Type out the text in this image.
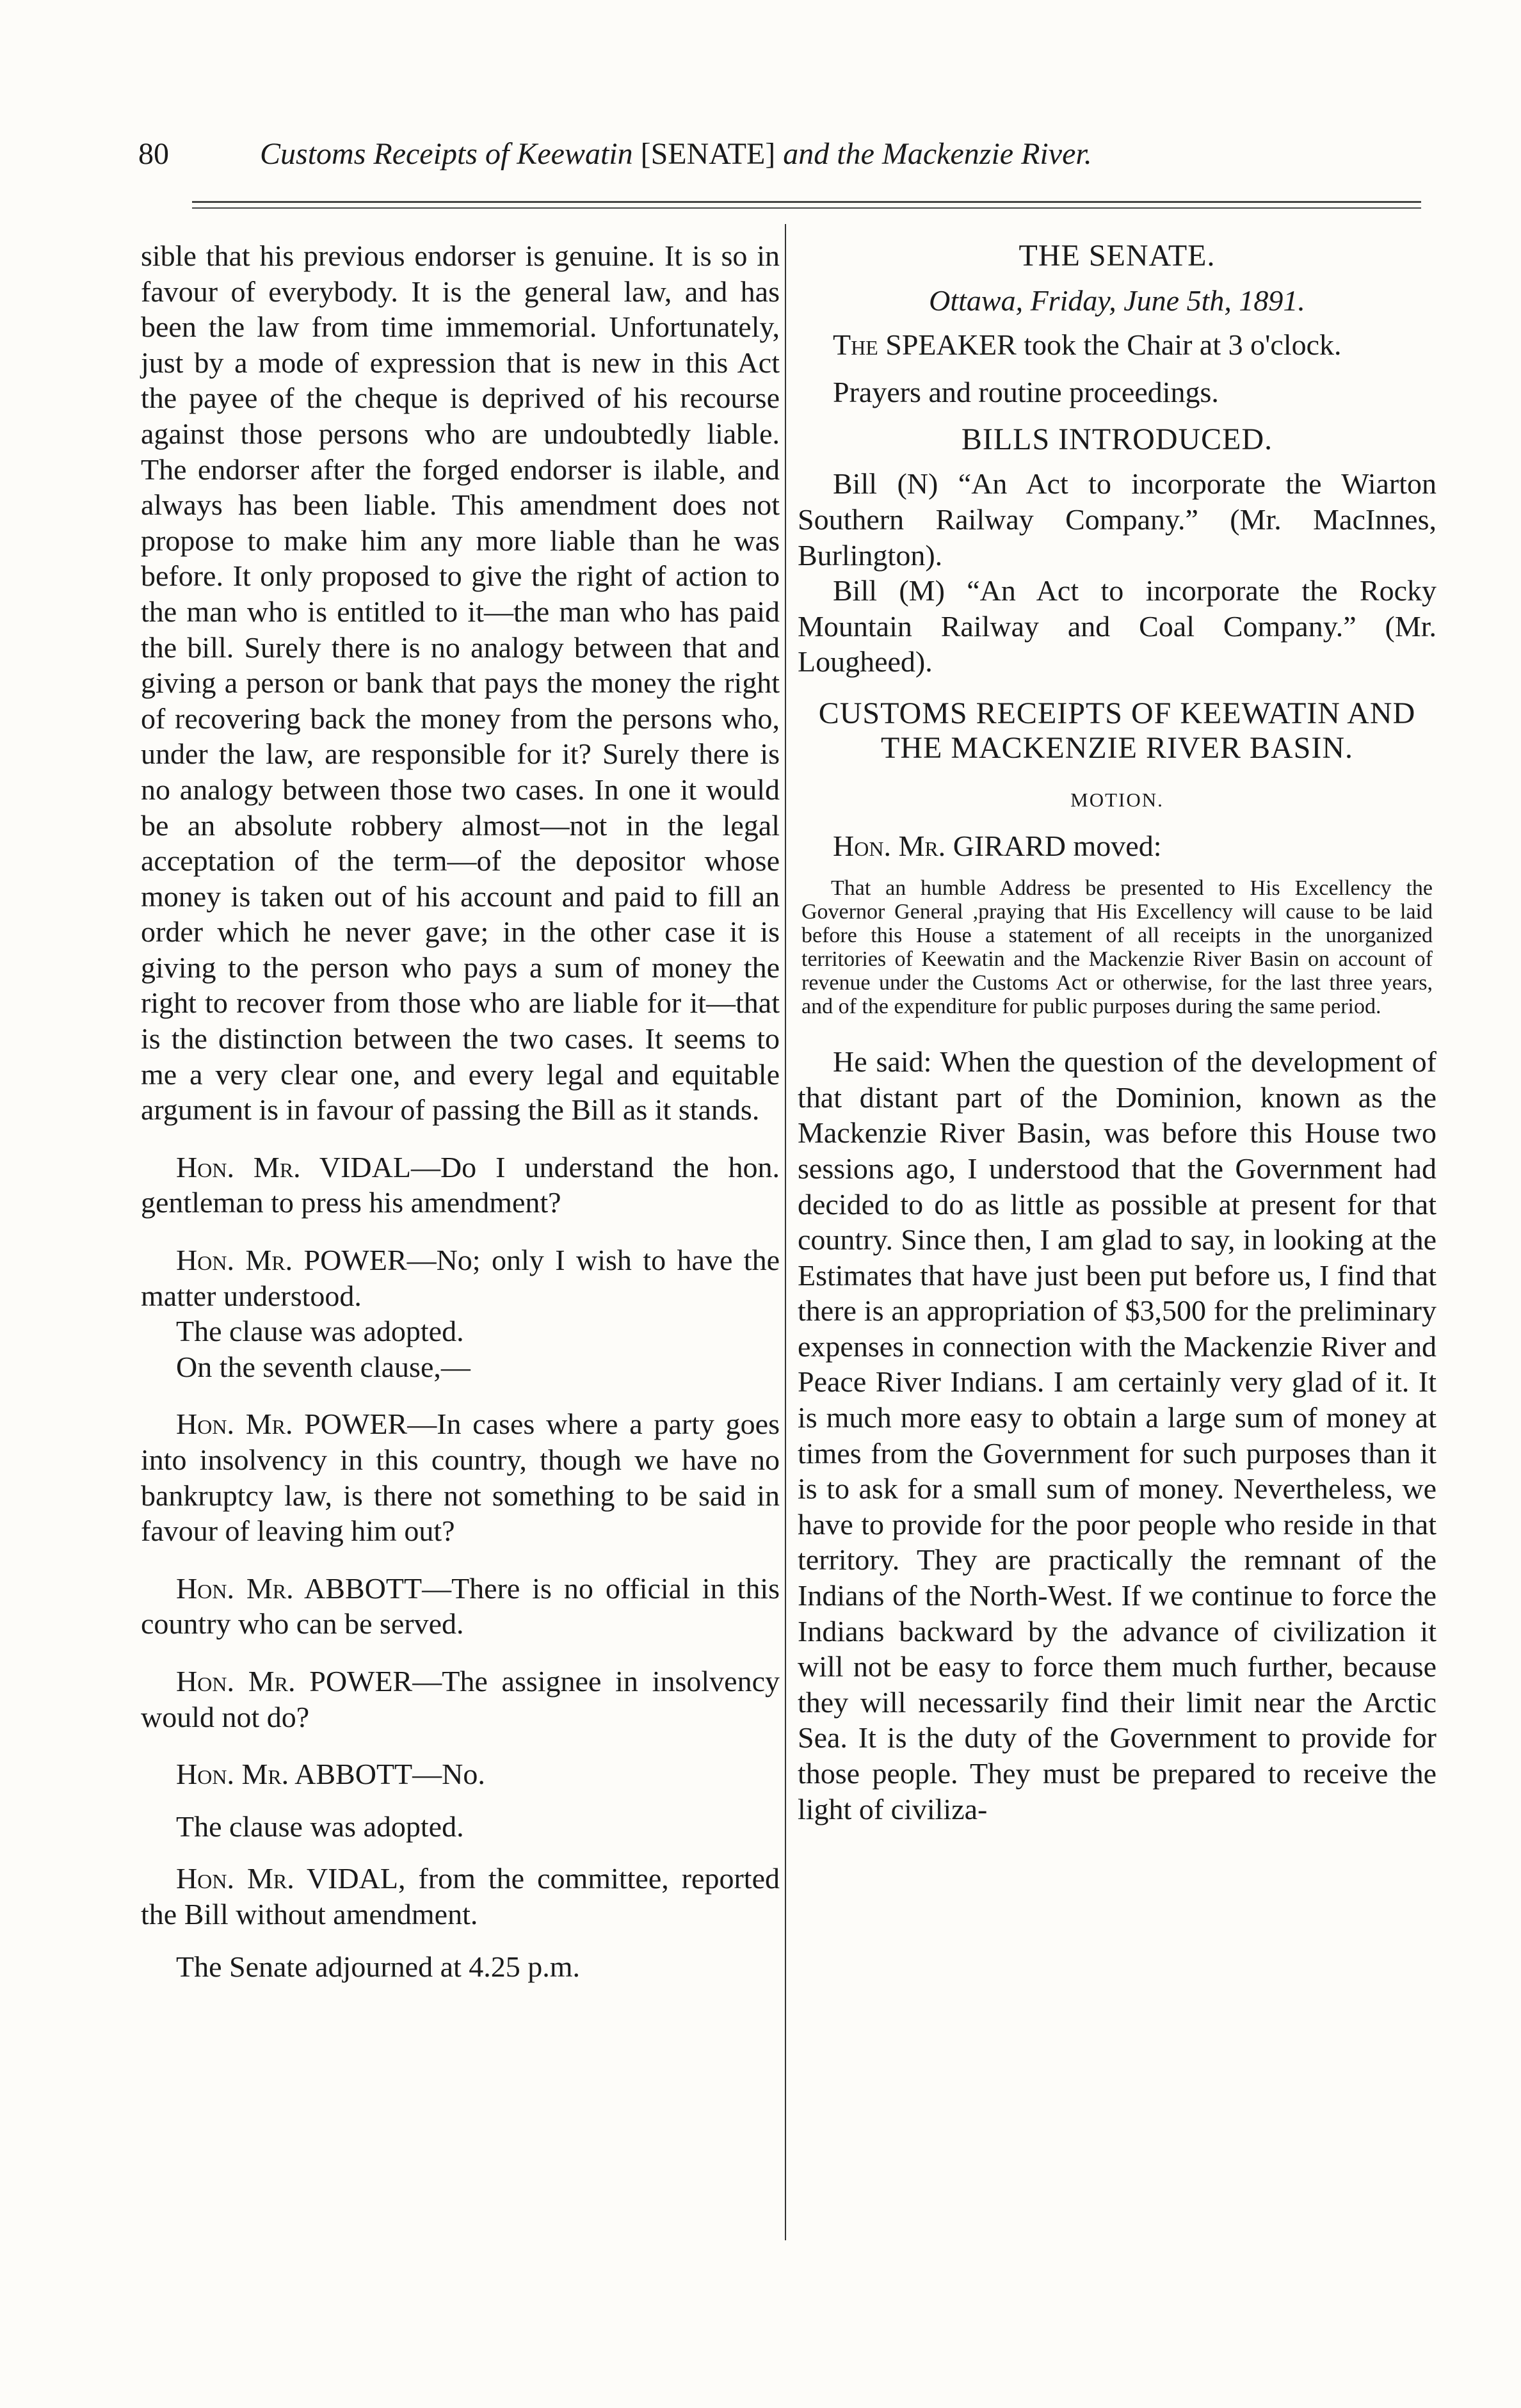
80	Customs Receipts of Keewatin [SENATE] and the Mackenzie River.

sible that his previous endorser is genuine. It is so in favour of everybody. It is the general law, and has been the law from time immemorial. Unfortunately, just by a mode of expression that is new in this Act the payee of the cheque is deprived of his recourse against those persons who are undoubtedly liable. The endorser after the forged endorser is ilable, and always has been liable. This amendment does not propose to make him any more liable than he was before. It only proposed to give the right of action to the man who is entitled to it—the man who has paid the bill. Surely there is no analogy between that and giving a person or bank that pays the money the right of recovering back the money from the persons who, under the law, are responsible for it? Surely there is no analogy between those two cases. In one it would be an absolute robbery almost—not in the legal acceptation of the term—of the depositor whose money is taken out of his account and paid to fill an order which he never gave; in the other case it is giving to the person who pays a sum of money the right to recover from those who are liable for it—that is the distinction between the two cases. It seems to me a very clear one, and every legal and equitable argument is in favour of passing the Bill as it stands.

Hon. Mr. VIDAL—Do I understand the hon. gentleman to press his amendment?

Hon. Mr. POWER—No; only I wish to have the matter understood.

The clause was adopted.

On the seventh clause,—

Hon. Mr. POWER—In cases where a party goes into insolvency in this country, though we have no bankruptcy law, is there not something to be said in favour of leaving him out?

Hon. Mr. ABBOTT—There is no official in this country who can be served.

Hon. Mr. POWER—The assignee in insolvency would not do?

Hon. Mr. ABBOTT—No.

The clause was adopted.

Hon. Mr. VIDAL, from the committee, reported the Bill without amendment.

The Senate adjourned at 4.25 p.m.

THE SENATE.

Ottawa, Friday, June 5th, 1891.

The SPEAKER took the Chair at 3 o'clock.

Prayers and routine proceedings.

BILLS INTRODUCED.

Bill (N) “An Act to incorporate the Wiarton Southern Railway Company.” (Mr. MacInnes, Burlington).

Bill (M) “An Act to incorporate the Rocky Mountain Railway and Coal Company.” (Mr. Lougheed).

CUSTOMS RECEIPTS OF KEEWATIN AND THE MACKENZIE RIVER BASIN.

MOTION.

Hon. Mr. GIRARD moved:

That an humble Address be presented to His Excellency the Governor General ,praying that His Excellency will cause to be laid before this House a statement of all receipts in the unorganized territories of Keewatin and the Mackenzie River Basin on account of revenue under the Customs Act or otherwise, for the last three years, and of the expenditure for public purposes during the same period.

He said: When the question of the development of that distant part of the Dominion, known as the Mackenzie River Basin, was before this House two sessions ago, I understood that the Government had decided to do as little as possible at present for that country. Since then, I am glad to say, in looking at the Estimates that have just been put before us, I find that there is an appropriation of $3,500 for the preliminary expenses in connection with the Mackenzie River and Peace River Indians. I am certainly very glad of it. It is much more easy to obtain a large sum of money at times from the Government for such purposes than it is to ask for a small sum of money. Nevertheless, we have to provide for the poor people who reside in that territory. They are practically the remnant of the Indians of the North-West. If we continue to force the Indians backward by the advance of civilization it will not be easy to force them much further, because they will necessarily find their limit near the Arctic Sea. It is the duty of the Government to provide for those people. They must be prepared to receive the light of civiliza-
